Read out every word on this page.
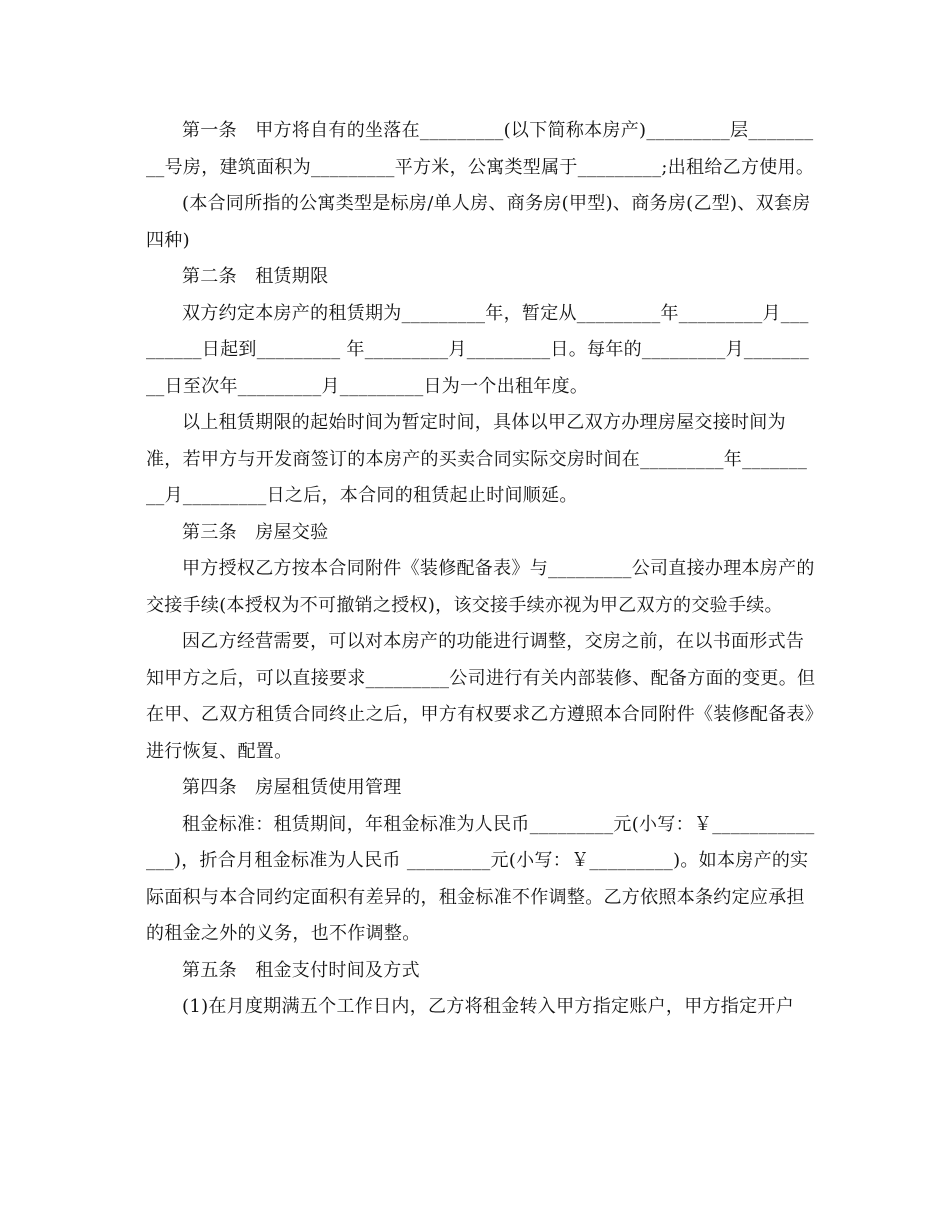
第一条　甲方将自有的坐落在_________(以下简称本房产)_________层_________号房，建筑面积为_________平方米，公寓类型属于_________;出租给乙方使用。

(本合同所指的公寓类型是标房/单人房、商务房(甲型)、商务房(乙型)、双套房四种)

第二条　租赁期限

双方约定本房产的租赁期为_________年，暂定从_________年_________月_________日起到_________ 年_________月_________日。每年的_________月_________日至次年_________月_________日为一个出租年度。

以上租赁期限的起始时间为暂定时间，具体以甲乙双方办理房屋交接时间为准，若甲方与开发商签订的本房产的买卖合同实际交房时间在_________年_________月_________日之后，本合同的租赁起止时间顺延。

第三条　房屋交验

甲方授权乙方按本合同附件《装修配备表》与_________公司直接办理本房产的交接手续(本授权为不可撤销之授权)，该交接手续亦视为甲乙双方的交验手续。

因乙方经营需要，可以对本房产的功能进行调整，交房之前，在以书面形式告知甲方之后，可以直接要求_________公司进行有关内部装修、配备方面的变更。但在甲、乙双方租赁合同终止之后，甲方有权要求乙方遵照本合同附件《装修配备表》进行恢复、配置。

第四条　房屋租赁使用管理

租金标准：租赁期间，年租金标准为人民币_________元(小写：￥______________)，折合月租金标准为人民币 _________元(小写：￥_________)。如本房产的实际面积与本合同约定面积有差异的，租金标准不作调整。乙方依照本条约定应承担的租金之外的义务，也不作调整。

第五条　租金支付时间及方式

(1)在月度期满五个工作日内，乙方将租金转入甲方指定账户，甲方指定开户
